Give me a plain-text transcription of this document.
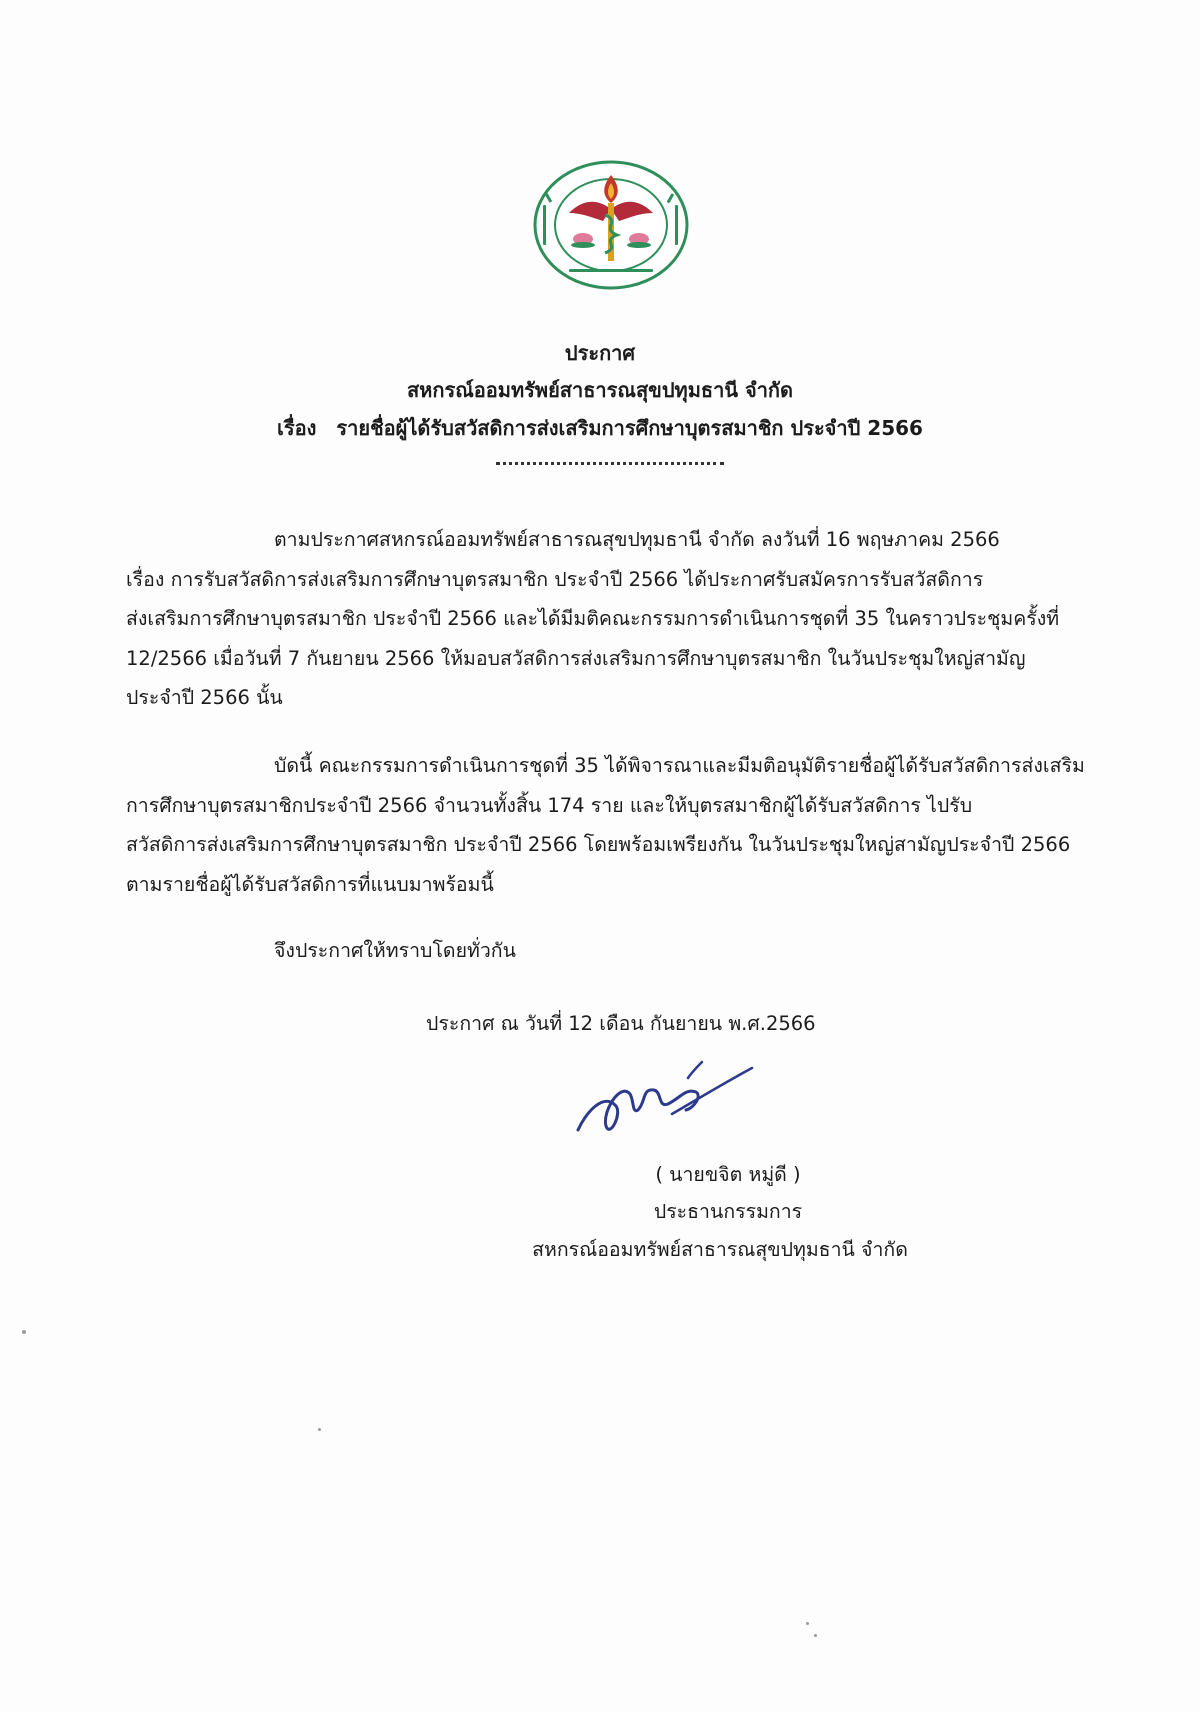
ประกาศ
สหกรณ์ออมทรัพย์สาธารณสุขปทุมธานี จำกัด
เรื่อง รายชื่อผู้ได้รับสวัสดิการส่งเสริมการศึกษาบุตรสมาชิก ประจำปี 2566
ตามประกาศสหกรณ์ออมทรัพย์สาธารณสุขปทุมธานี จำกัด ลงวันที่ 16 พฤษภาคม 2566
เรื่อง การรับสวัสดิการส่งเสริมการศึกษาบุตรสมาชิก ประจำปี 2566 ได้ประกาศรับสมัครการรับสวัสดิการ
ส่งเสริมการศึกษาบุตรสมาชิก ประจำปี 2566 และได้มีมติคณะกรรมการดำเนินการชุดที่ 35 ในคราวประชุมครั้งที่
12/2566 เมื่อวันที่ 7 กันยายน 2566 ให้มอบสวัสดิการส่งเสริมการศึกษาบุตรสมาชิก ในวันประชุมใหญ่สามัญ
ประจำปี 2566 นั้น
บัดนี้ คณะกรรมการดำเนินการชุดที่ 35 ได้พิจารณาและมีมติอนุมัติรายชื่อผู้ได้รับสวัสดิการส่งเสริม
การศึกษาบุตรสมาชิกประจำปี 2566 จำนวนทั้งสิ้น 174 ราย และให้บุตรสมาชิกผู้ได้รับสวัสดิการ ไปรับ
สวัสดิการส่งเสริมการศึกษาบุตรสมาชิก ประจำปี 2566 โดยพร้อมเพรียงกัน ในวันประชุมใหญ่สามัญประจำปี 2566
ตามรายชื่อผู้ได้รับสวัสดิการที่แนบมาพร้อมนี้
จึงประกาศให้ทราบโดยทั่วกัน
ประกาศ ณ วันที่ 12 เดือน กันยายน พ.ศ.2566
( นายขจิต หมู่ดี )
ประธานกรรมการ
สหกรณ์ออมทรัพย์สาธารณสุขปทุมธานี จำกัด
